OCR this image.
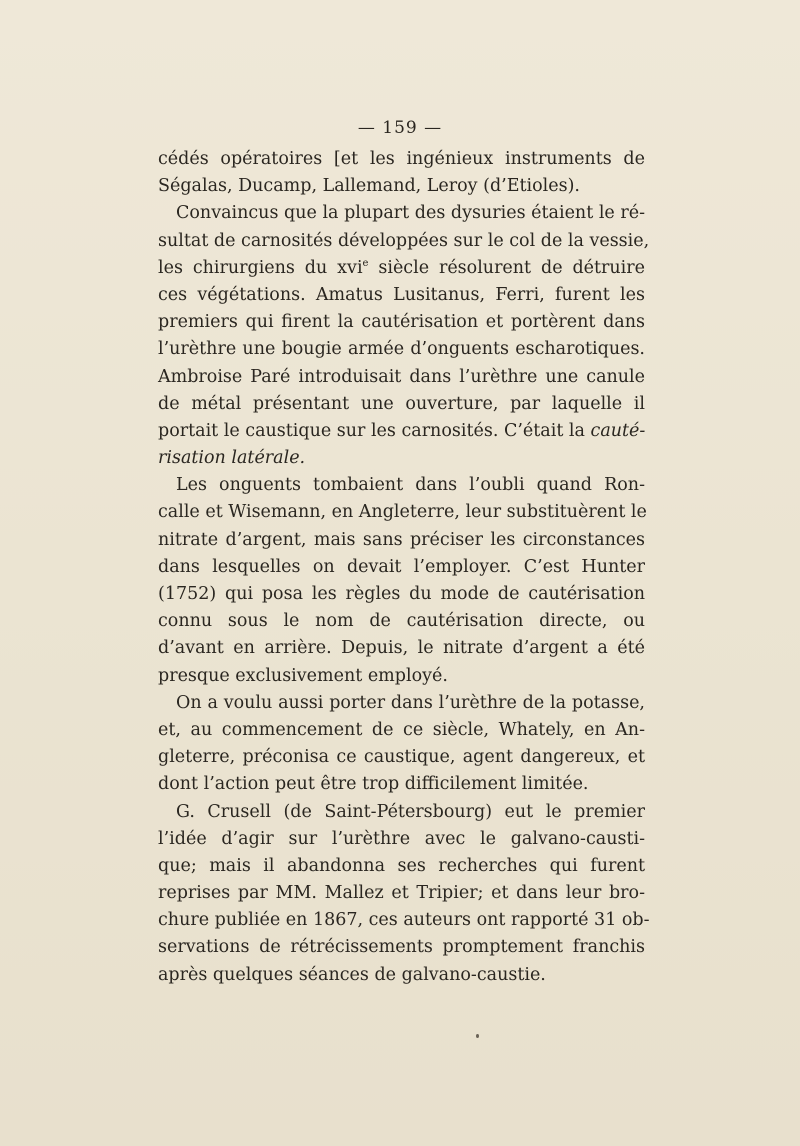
— 159 —
cédés opératoires [et les ingénieux instruments de
Ségalas, Ducamp, Lallemand, Leroy (d’Etioles).
Convaincus que la plupart des dysuries étaient le ré-
sultat de carnosités développées sur le col de la vessie,
les chirurgiens du xvi$^e$ siècle résolurent de détruire
ces végétations. Amatus Lusitanus, Ferri, furent les
premiers qui firent la cautérisation et portèrent dans
l’urèthre une bougie armée d’onguents escharotiques.
Ambroise Paré introduisait dans l’urèthre une canule
de métal présentant une ouverture, par laquelle il
portait le caustique sur les carnosités. C’était la cauté-
risation latérale.
Les onguents tombaient dans l’oubli quand Ron-
calle et Wisemann, en Angleterre, leur substituèrent le
nitrate d’argent, mais sans préciser les circonstances
dans lesquelles on devait l’employer. C’est Hunter
(1752) qui posa les règles du mode de cautérisation
connu sous le nom de cautérisation directe, ou
d’avant en arrière. Depuis, le nitrate d’argent a été
presque exclusivement employé.
On a voulu aussi porter dans l’urèthre de la potasse,
et, au commencement de ce siècle, Whately, en An-
gleterre, préconisa ce caustique, agent dangereux, et
dont l’action peut être trop difficilement limitée.
G. Crusell (de Saint-Pétersbourg) eut le premier
l’idée d’agir sur l’urèthre avec le galvano-causti-
que; mais il abandonna ses recherches qui furent
reprises par MM. Mallez et Tripier; et dans leur bro-
chure publiée en 1867, ces auteurs ont rapporté 31 ob-
servations de rétrécissements promptement franchis
après quelques séances de galvano-caustie.
